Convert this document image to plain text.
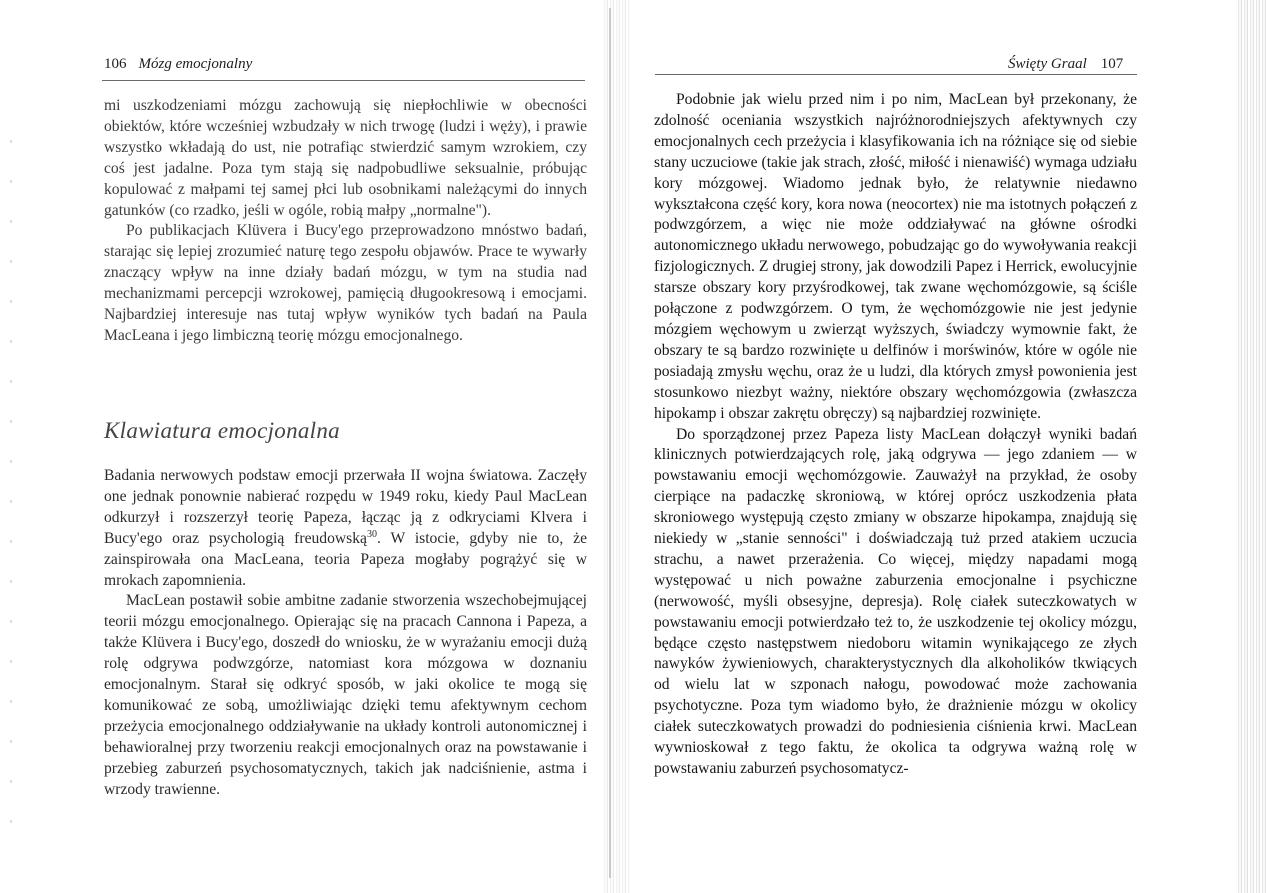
106 Mózg emocjonalny

mi uszkodzeniami mózgu zachowują się niepłochliwie w obecności obiektów, które wcześniej wzbudzały w nich trwogę (ludzi i węży), i prawie wszystko wkładają do ust, nie potrafiąc stwierdzić samym wzrokiem, czy coś jest jadalne. Poza tym stają się nadpobudliwe seksualnie, próbując kopulować z małpami tej samej płci lub osobnikami należącymi do innych gatunków (co rzadko, jeśli w ogóle, robią małpy „normalne").

Po publikacjach Klüvera i Bucy'ego przeprowadzono mnóstwo badań, starając się lepiej zrozumieć naturę tego zespołu objawów. Prace te wywarły znaczący wpływ na inne działy badań mózgu, w tym na studia nad mechanizmami percepcji wzrokowej, pamięcią długookresową i emocjami. Najbardziej interesuje nas tutaj wpływ wyników tych badań na Paula MacLeana i jego limbiczną teorię mózgu emocjonalnego.

Klawiatura emocjonalna

Badania nerwowych podstaw emocji przerwała II wojna światowa. Zaczęły one jednak ponownie nabierać rozpędu w 1949 roku, kiedy Paul MacLean odkurzył i rozszerzył teorię Papeza, łącząc ją z odkryciami Klvera i Bucy'ego oraz psychologią freudowską$^{30}$. W istocie, gdyby nie to, że zainspirowała ona MacLeana, teoria Papeza mogłaby pogrążyć się w mrokach zapomnienia.

MacLean postawił sobie ambitne zadanie stworzenia wszechobejmującej teorii mózgu emocjonalnego. Opierając się na pracach Cannona i Papeza, a także Klüvera i Bucy'ego, doszedł do wniosku, że w wyrażaniu emocji dużą rolę odgrywa podwzgórze, natomiast kora mózgowa w doznaniu emocjonalnym. Starał się odkryć sposób, w jaki okolice te mogą się komunikować ze sobą, umożliwiając dzięki temu afektywnym cechom przeżycia emocjonalnego oddziaływanie na układy kontroli autonomicznej i behawioralnej przy tworzeniu reakcji emocjonalnych oraz na powstawanie i przebieg zaburzeń psychosomatycznych, takich jak nadciśnienie, astma i wrzody trawienne.

Święty Graal 107

Podobnie jak wielu przed nim i po nim, MacLean był przekonany, że zdolność oceniania wszystkich najróżnorodniejszych afektywnych czy emocjonalnych cech przeżycia i klasyfikowania ich na różniące się od siebie stany uczuciowe (takie jak strach, złość, miłość i nienawiść) wymaga udziału kory mózgowej. Wiadomo jednak było, że relatywnie niedawno wykształcona część kory, kora nowa (neocortex) nie ma istotnych połączeń z podwzgórzem, a więc nie może oddziaływać na główne ośrodki autonomicznego układu nerwowego, pobudzając go do wywoływania reakcji fizjologicznych. Z drugiej strony, jak dowodzili Papez i Herrick, ewolucyjnie starsze obszary kory przyśrodkowej, tak zwane węchomózgowie, są ściśle połączone z podwzgórzem. O tym, że węchomózgowie nie jest jedynie mózgiem węchowym u zwierząt wyższych, świadczy wymownie fakt, że obszary te są bardzo rozwinięte u delfinów i morświnów, które w ogóle nie posiadają zmysłu węchu, oraz że u ludzi, dla których zmysł powonienia jest stosunkowo niezbyt ważny, niektóre obszary węchomózgowia (zwłaszcza hipokamp i obszar zakrętu obręczy) są najbardziej rozwinięte.

Do sporządzonej przez Papeza listy MacLean dołączył wyniki badań klinicznych potwierdzających rolę, jaką odgrywa — jego zdaniem — w powstawaniu emocji węchomózgowie. Zauważył na przykład, że osoby cierpiące na padaczkę skroniową, w której oprócz uszkodzenia płata skroniowego występują często zmiany w obszarze hipokampa, znajdują się niekiedy w „stanie senności" i doświadczają tuż przed atakiem uczucia strachu, a nawet przerażenia. Co więcej, między napadami mogą występować u nich poważne zaburzenia emocjonalne i psychiczne (nerwowość, myśli obsesyjne, depresja). Rolę ciałek suteczkowatych w powstawaniu emocji potwierdzało też to, że uszkodzenie tej okolicy mózgu, będące często następstwem niedoboru witamin wynikającego ze złych nawyków żywieniowych, charakterystycznych dla alkoholików tkwiących od wielu lat w szponach nałogu, powodować może zachowania psychotyczne. Poza tym wiadomo było, że drażnienie mózgu w okolicy ciałek suteczkowatych prowadzi do podniesienia ciśnienia krwi. MacLean wywnioskował z tego faktu, że okolica ta odgrywa ważną rolę w powstawaniu zaburzeń psychosomatycz-
